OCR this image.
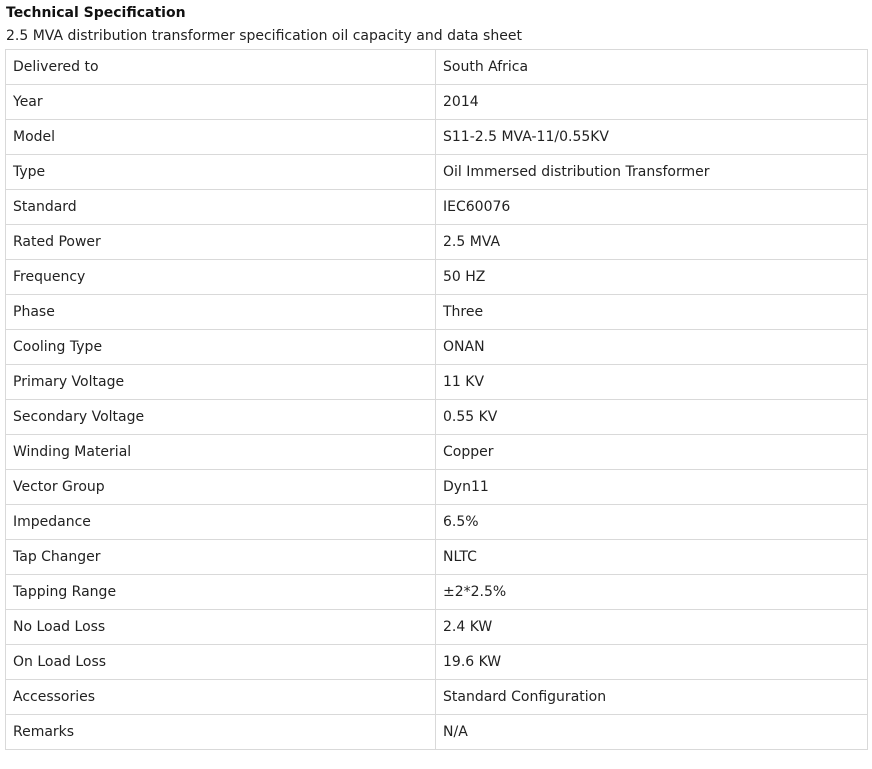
Technical Specification
2.5 MVA distribution transformer specification oil capacity and data sheet
Delivered to	South Africa
Year	2014
Model	S11-2.5 MVA-11/0.55KV
Type	Oil Immersed distribution Transformer
Standard	IEC60076
Rated Power	2.5 MVA
Frequency	50 HZ
Phase	Three
Cooling Type	ONAN
Primary Voltage	11 KV
Secondary Voltage	0.55 KV
Winding Material	Copper
Vector Group	Dyn11
Impedance	6.5%
Tap Changer	NLTC
Tapping Range	±2*2.5%
No Load Loss	2.4 KW
On Load Loss	19.6 KW
Accessories	Standard Configuration
Remarks	N/A
